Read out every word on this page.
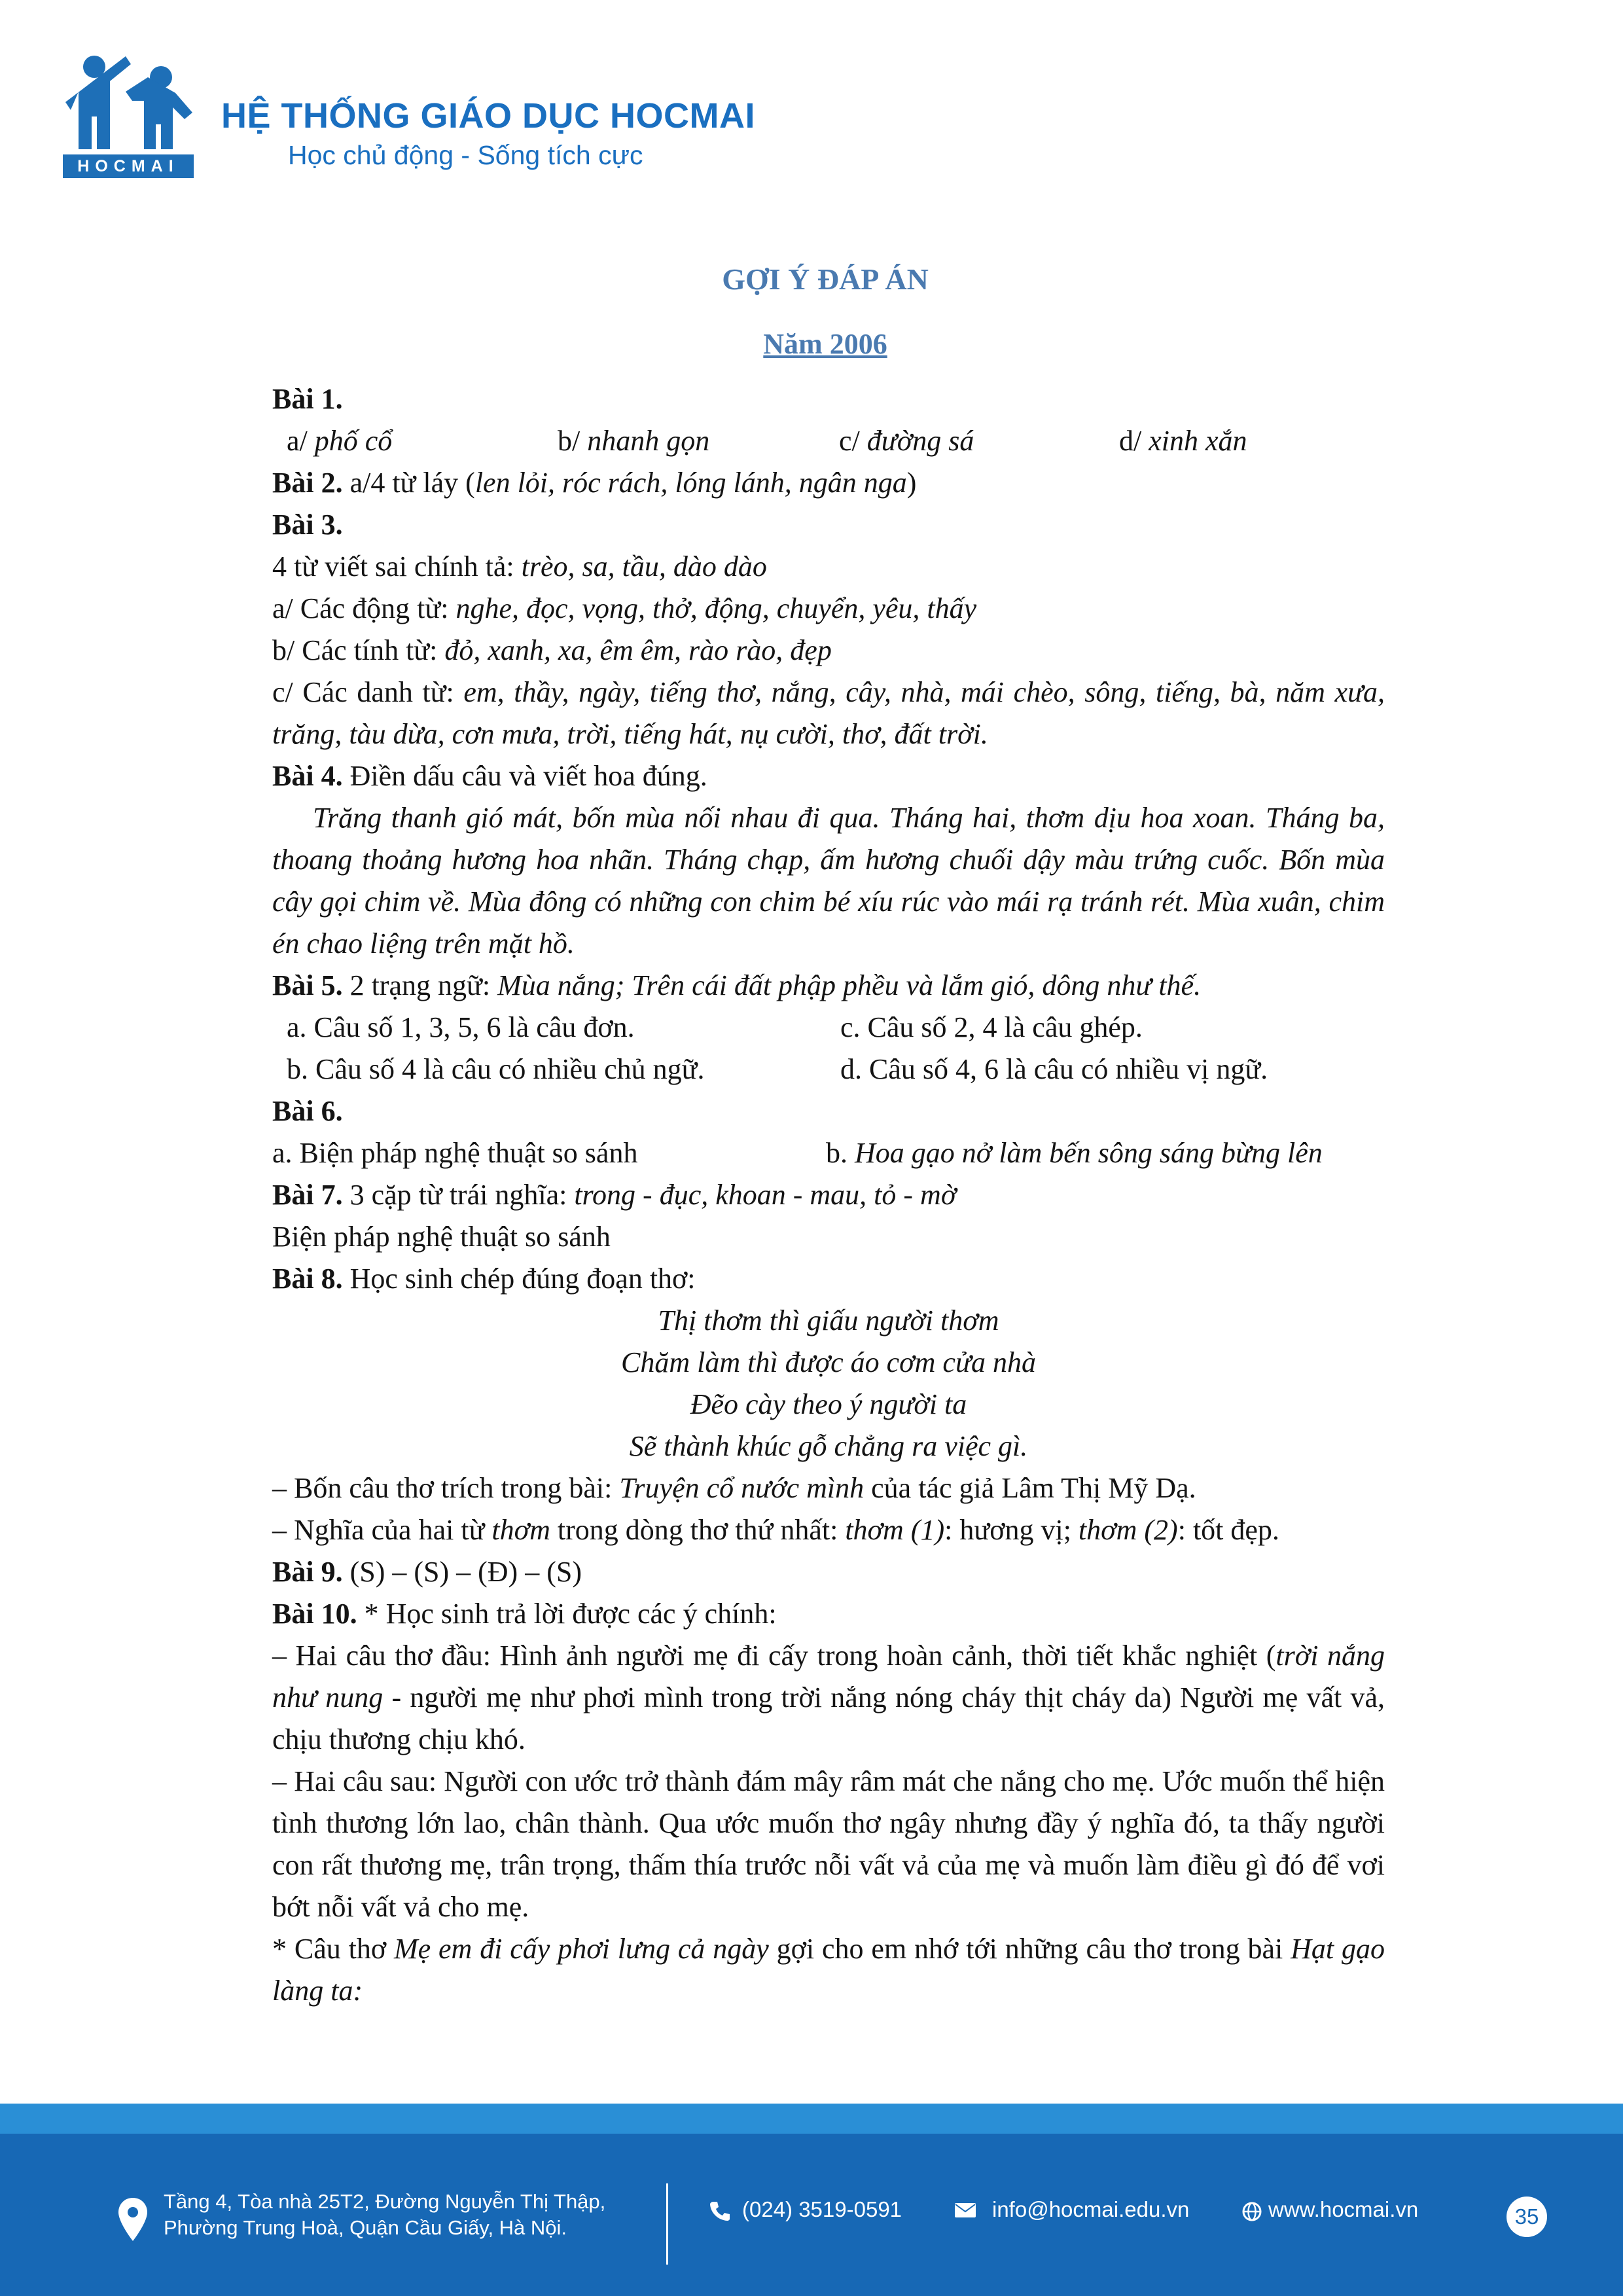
HOCMAI
HỆ THỐNG GIÁO DỤC HOCMAI
Học chủ động - Sống tích cực
GỢI Ý ĐÁP ÁN
Năm 2006
Bài 1.
a/ phố cổ	b/ nhanh gọn	c/ đường sá	d/ xinh xắn
Bài 2. a/4 từ láy (len lỏi, róc rách, lóng lánh, ngân nga)
Bài 3.
4 từ viết sai chính tả: trèo, sa, tầu, dào dào
a/ Các động từ: nghe, đọc, vọng, thở, động, chuyển, yêu, thấy
b/ Các tính từ: đỏ, xanh, xa, êm êm, rào rào, đẹp
c/ Các danh từ: em, thầy, ngày, tiếng thơ, nắng, cây, nhà, mái chèo, sông, tiếng, bà, năm xưa, trăng, tàu dừa, cơn mưa, trời, tiếng hát, nụ cười, thơ, đất trời.
Bài 4. Điền dấu câu và viết hoa đúng.
Trăng thanh gió mát, bốn mùa nối nhau đi qua. Tháng hai, thơm dịu hoa xoan. Tháng ba, thoang thoảng hương hoa nhãn. Tháng chạp, ấm hương chuối dậy màu trứng cuốc. Bốn mùa cây gọi chim về. Mùa đông có những con chim bé xíu rúc vào mái rạ tránh rét. Mùa xuân, chim én chao liệng trên mặt hồ.
Bài 5. 2 trạng ngữ: Mùa nắng; Trên cái đất phập phều và lắm gió, dông như thế.
a. Câu số 1, 3, 5, 6 là câu đơn.	c. Câu số 2, 4 là câu ghép.
b. Câu số 4 là câu có nhiều chủ ngữ.	d. Câu số 4, 6 là câu có nhiều vị ngữ.
Bài 6.
a. Biện pháp nghệ thuật so sánh	b. Hoa gạo nở làm bến sông sáng bừng lên
Bài 7. 3 cặp từ trái nghĩa: trong - đục, khoan - mau, tỏ - mờ
Biện pháp nghệ thuật so sánh
Bài 8. Học sinh chép đúng đoạn thơ:
Thị thơm thì giấu người thơm
Chăm làm thì được áo cơm cửa nhà
Đẽo cày theo ý người ta
Sẽ thành khúc gỗ chẳng ra việc gì.
– Bốn câu thơ trích trong bài: Truyện cổ nước mình của tác giả Lâm Thị Mỹ Dạ.
– Nghĩa của hai từ thơm trong dòng thơ thứ nhất: thơm (1): hương vị; thơm (2): tốt đẹp.
Bài 9. (S) – (S) – (Đ) – (S)
Bài 10. * Học sinh trả lời được các ý chính:
– Hai câu thơ đầu: Hình ảnh người mẹ đi cấy trong hoàn cảnh, thời tiết khắc nghiệt (trời nắng như nung - người mẹ như phơi mình trong trời nắng nóng cháy thịt cháy da) Người mẹ vất vả, chịu thương chịu khó.
– Hai câu sau: Người con ước trở thành đám mây râm mát che nắng cho mẹ. Ước muốn thể hiện tình thương lớn lao, chân thành. Qua ước muốn thơ ngây nhưng đầy ý nghĩa đó, ta thấy người con rất thương mẹ, trân trọng, thấm thía trước nỗi vất vả của mẹ và muốn làm điều gì đó để vơi bớt nỗi vất vả cho mẹ.
* Câu thơ Mẹ em đi cấy phơi lưng cả ngày gợi cho em nhớ tới những câu thơ trong bài Hạt gạo làng ta:
Tầng 4, Tòa nhà 25T2, Đường Nguyễn Thị Thập,
Phường Trung Hoà, Quận Cầu Giấy, Hà Nội.
(024) 3519-0591	info@hocmai.edu.vn	www.hocmai.vn	35
